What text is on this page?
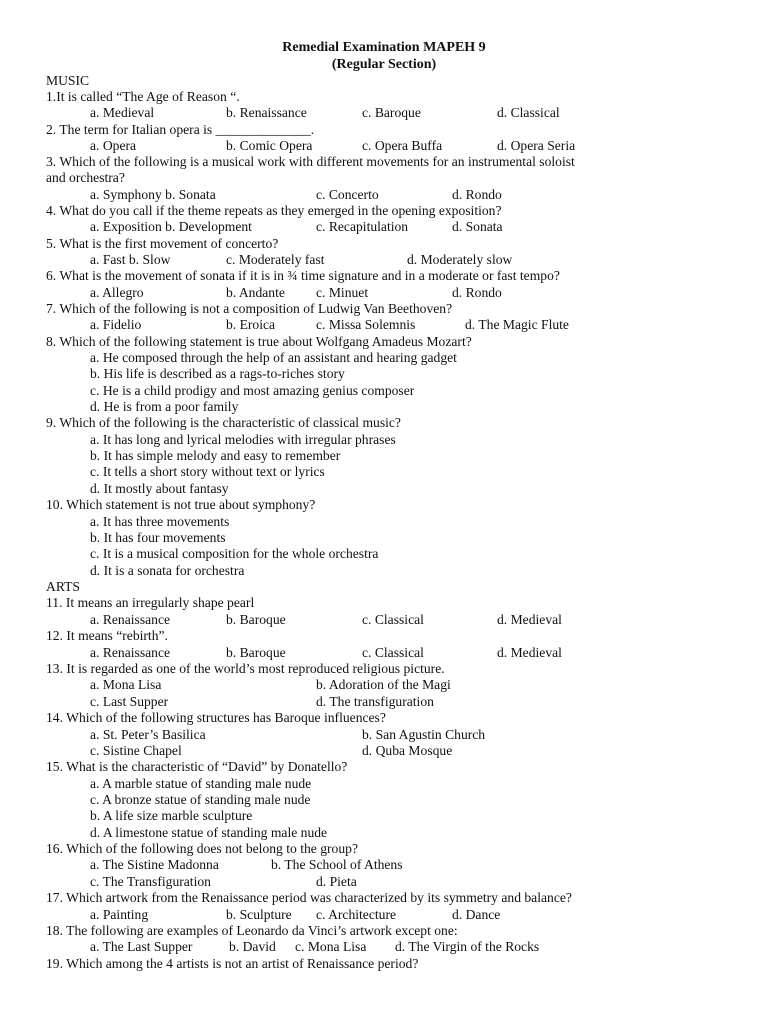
Remedial Examination MAPEH 9
(Regular Section)
MUSIC
1.It is called “The Age of Reason “.
a. Medieval	b. Renaissance	c. Baroque	d. Classical
2. The term for Italian opera is ______________.
a. Opera	b. Comic Opera	c. Opera Buffa	d. Opera Seria
3. Which of the following is a musical work with different movements for an instrumental soloist
and orchestra?
a. Symphony b. Sonata	c. Concerto	d. Rondo
4. What do you call if the theme repeats as they emerged in the opening exposition?
a. Exposition b. Development	c. Recapitulation	d. Sonata
5. What is the first movement of concerto?
a. Fast b. Slow	c. Moderately fast	d. Moderately slow
6. What is the movement of sonata if it is in ¾ time signature and in a moderate or fast tempo?
a. Allegro	b. Andante c. Minuet	d. Rondo
7. Which of the following is not a composition of Ludwig Van Beethoven?
a. Fidelio	b. Eroica	c. Missa Solemnis	d. The Magic Flute
8. Which of the following statement is true about Wolfgang Amadeus Mozart?
a. He composed through the help of an assistant and hearing gadget
b. His life is described as a rags-to-riches story
c. He is a child prodigy and most amazing genius composer
d. He is from a poor family
9. Which of the following is the characteristic of classical music?
a. It has long and lyrical melodies with irregular phrases
b. It has simple melody and easy to remember
c. It tells a short story without text or lyrics
d. It mostly about fantasy
10. Which statement is not true about symphony?
a. It has three movements
b. It has four movements
c. It is a musical composition for the whole orchestra
d. It is a sonata for orchestra
ARTS
11. It means an irregularly shape pearl
a. Renaissance	b. Baroque	c. Classical	d. Medieval
12. It means “rebirth”.
a. Renaissance	b. Baroque	c. Classical	d. Medieval
13. It is regarded as one of the world’s most reproduced religious picture.
a. Mona Lisa	b. Adoration of the Magi
c. Last Supper	d. The transfiguration
14. Which of the following structures has Baroque influences?
a. St. Peter’s Basilica	b. San Agustin Church
c. Sistine Chapel	d. Quba Mosque
15. What is the characteristic of “David” by Donatello?
a. A marble statue of standing male nude
c. A bronze statue of standing male nude
b. A life size marble sculpture
d. A limestone statue of standing male nude
16. Which of the following does not belong to the group?
a. The Sistine Madonna	b. The School of Athens
c. The Transfiguration	d. Pieta
17. Which artwork from the Renaissance period was characterized by its symmetry and balance?
a. Painting	b. Sculpture c. Architecture	d. Dance
18. The following are examples of Leonardo da Vinci’s artwork except one:
a. The Last Supper	b. David c. Mona Lisa d. The Virgin of the Rocks
19. Which among the 4 artists is not an artist of Renaissance period?
